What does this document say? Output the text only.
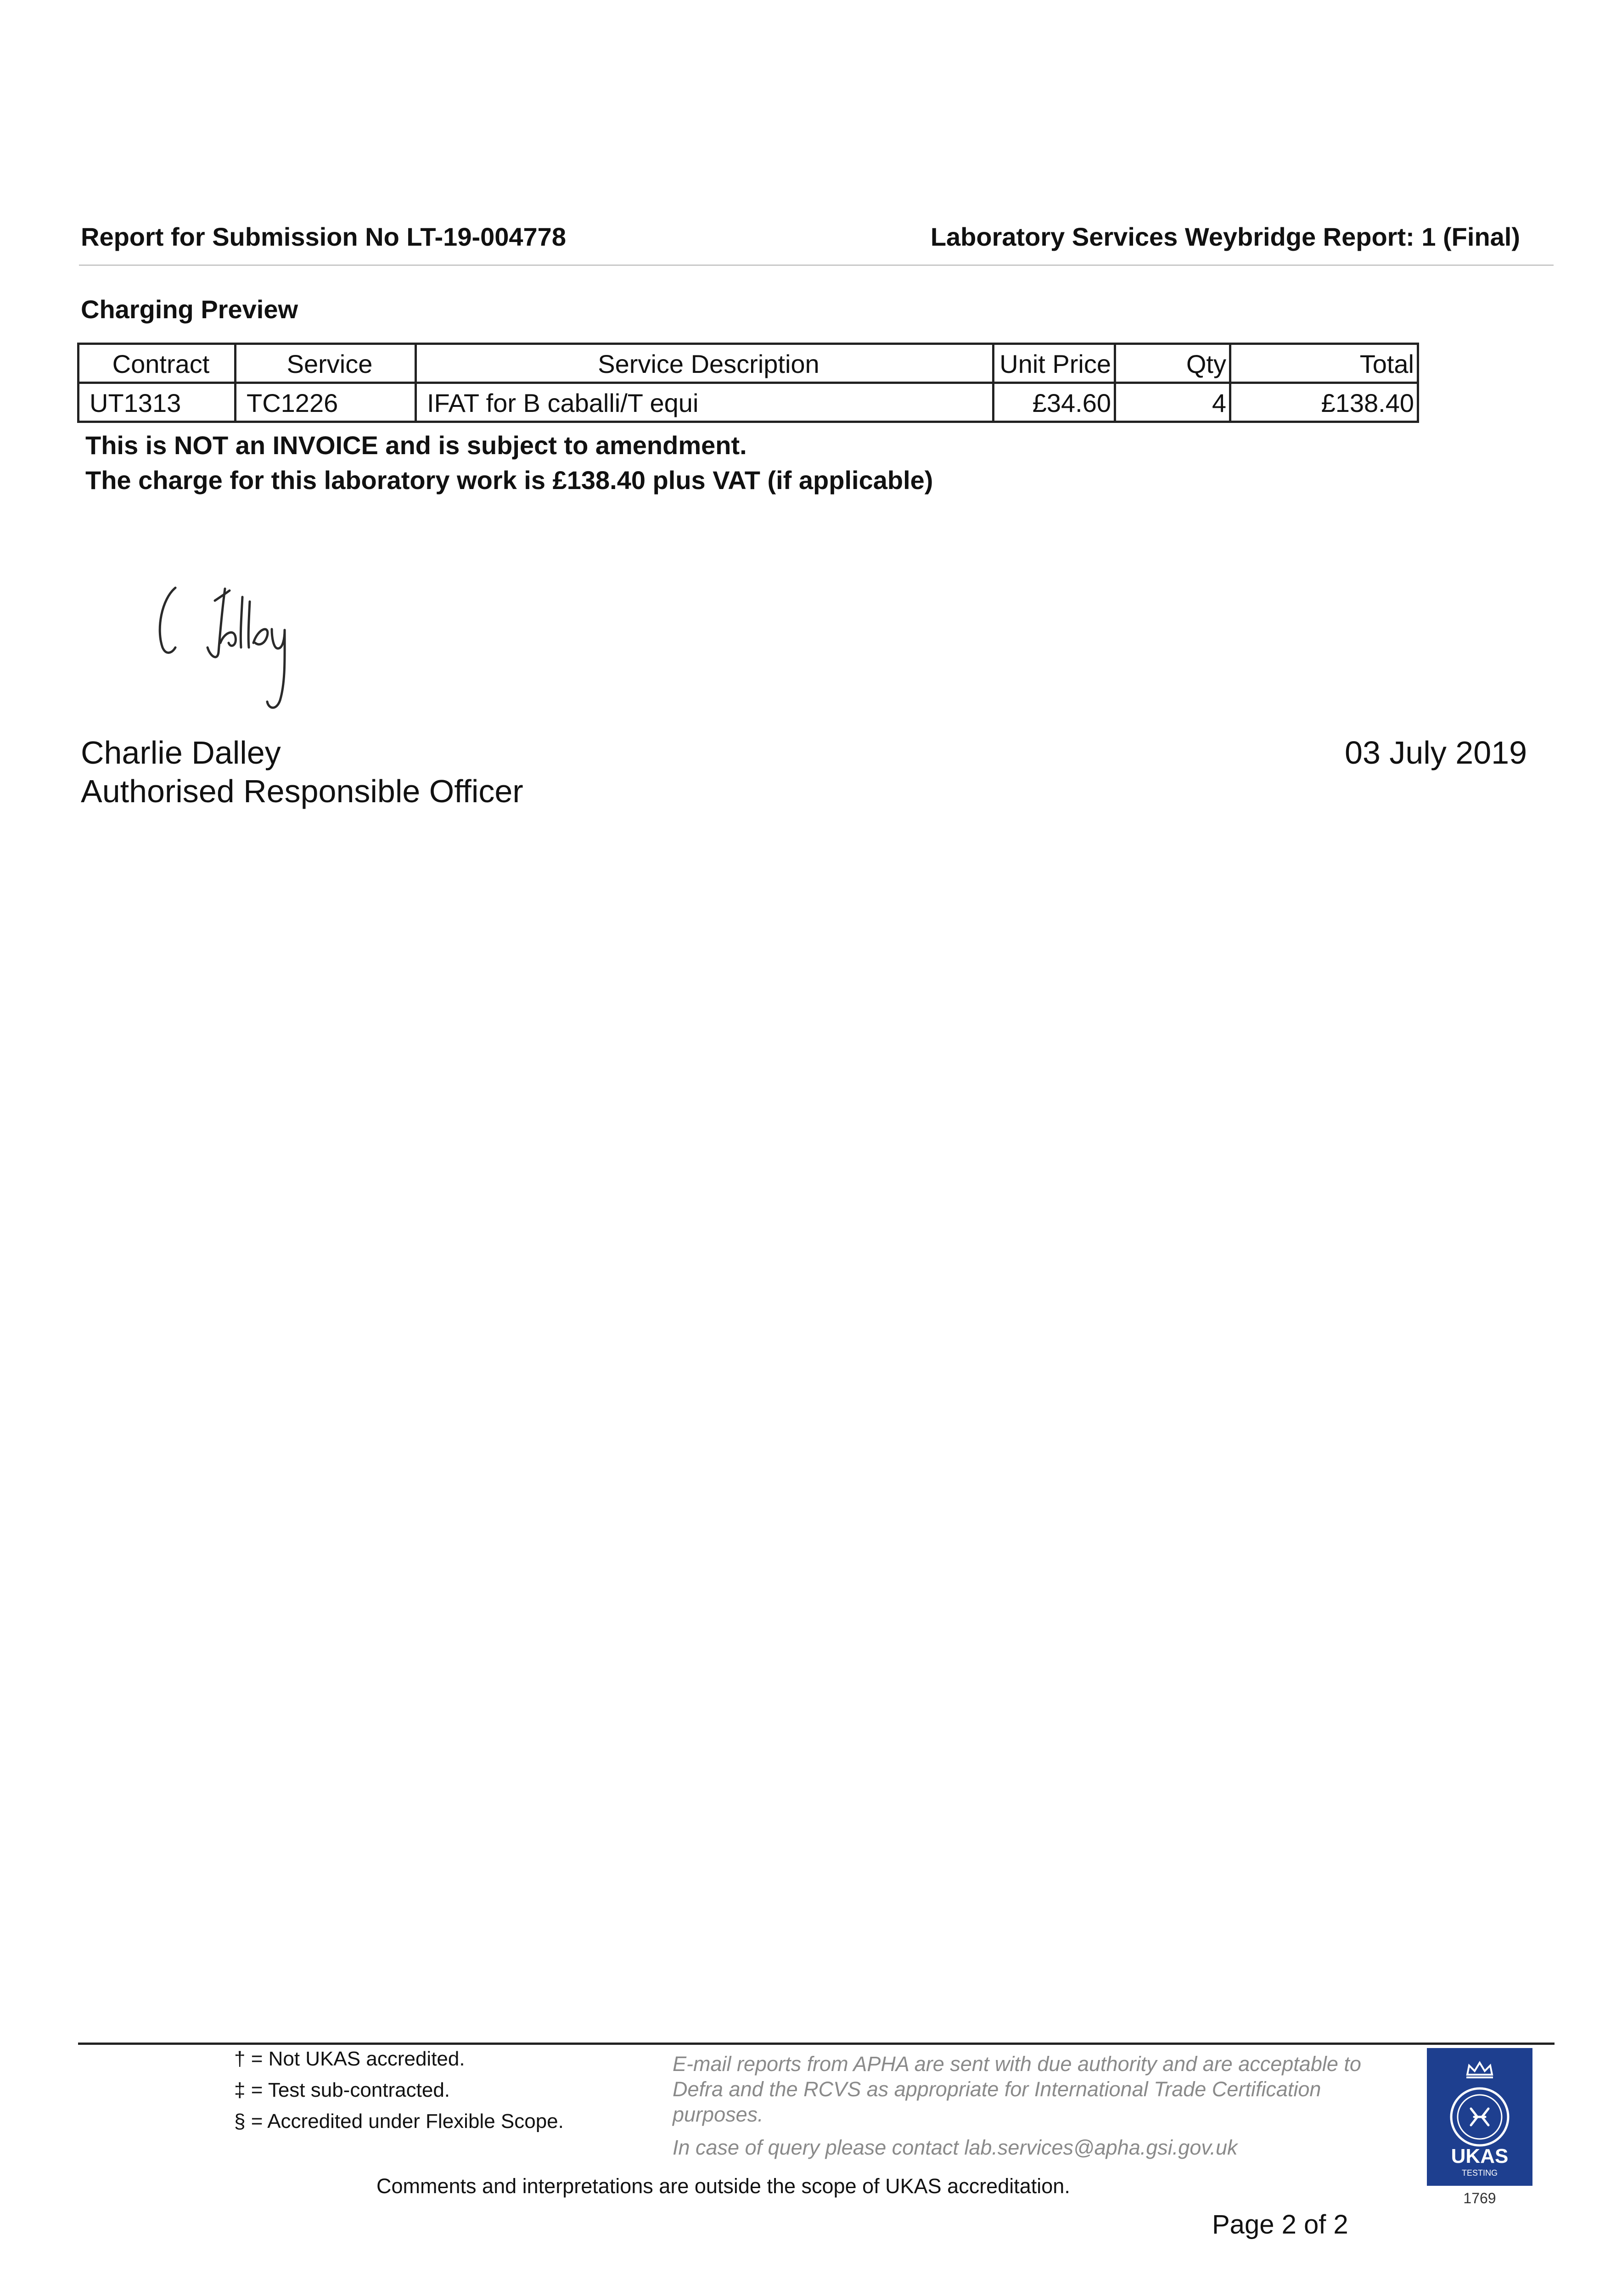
Report for Submission No LT-19-004778	Laboratory Services Weybridge Report: 1 (Final)
Charging Preview
Contract	Service	Service Description	Unit Price	Qty	Total
UT1313	TC1226	IFAT for B caballi/T equi	£34.60	4	£138.40
This is NOT an INVOICE and is subject to amendment.
The charge for this laboratory work is £138.40 plus VAT (if applicable)
Charlie Dalley
Authorised Responsible Officer
03 July 2019
† = Not UKAS accredited.
‡ = Test sub-contracted.
§ = Accredited under Flexible Scope.
E-mail reports from APHA are sent with due authority and are acceptable to Defra and the RCVS as appropriate for International Trade Certification purposes.
In case of query please contact lab.services@apha.gsi.gov.uk
Comments and interpretations are outside the scope of UKAS accreditation.
Page 2 of 2
UKAS
TESTING
1769
